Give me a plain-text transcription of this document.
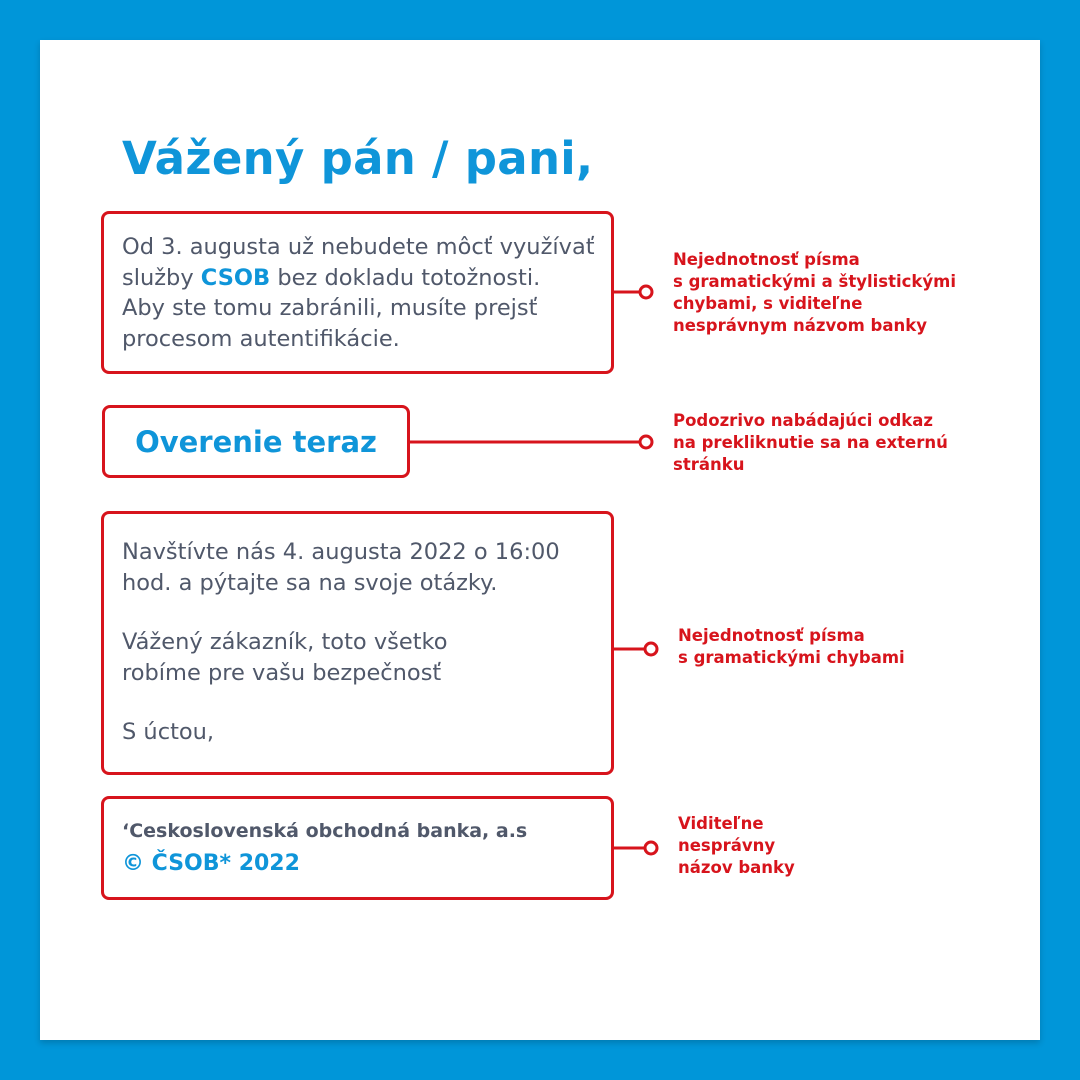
Vážený pán / pani,

Od 3. augusta už nebudete môcť využívať
služby CSOB bez dokladu totožnosti.
Aby ste tomu zabránili, musíte prejsť
procesom autentifikácie.

Overenie teraz

Navštívte nás 4. augusta 2022 o 16:00
hod. a pýtajte sa na svoje otázky.

Vážený zákazník, toto všetko
robíme pre vašu bezpečnosť

S úctou,

‘Ceskoslovenská obchodná banka, a.s

© ČSOB* 2022

Nejednotnosť písma
s gramatickými a štylistickými
chybami, s viditeľne
nesprávnym názvom banky

Podozrivo nabádajúci odkaz
na prekliknutie sa na externú
stránku

Nejednotnosť písma
s gramatickými chybami

Viditeľne
nesprávny
názov banky
